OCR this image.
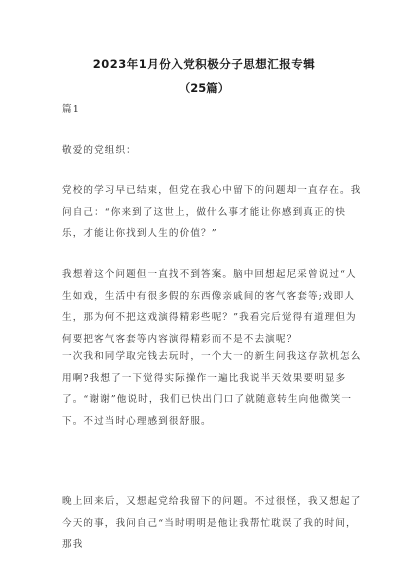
2023年1月份入党积极分子思想汇报专辑
（25篇）
篇1
敬爱的党组织：
党校的学习早已结束，但党在我心中留下的问题却一直存在。我问自己：“你来到了这世上，做什么事才能让你感到真正的快乐，才能让你找到人生的价值？”
我想着这个问题但一直找不到答案。脑中回想起尼采曾说过“人生如戏，生活中有很多假的东西像亲戚间的客气客套等;戏即人生，那为何不把这戏演得精彩些呢？”我看完后觉得有道理但为何要把客气客套等内容演得精彩而不是不去演呢？
一次我和同学取完钱去玩时，一个大一的新生问我这存款机怎么用啊?我想了一下觉得实际操作一遍比我说半天效果要明显多了。“谢谢”他说时，我们已快出门口了就随意转生向他微笑一下。不过当时心理感到很舒服。
晚上回来后，又想起党给我留下的问题。不过很怪，我又想起了今天的事，我问自己“当时明明是他让我帮忙耽误了我的时间，那我
